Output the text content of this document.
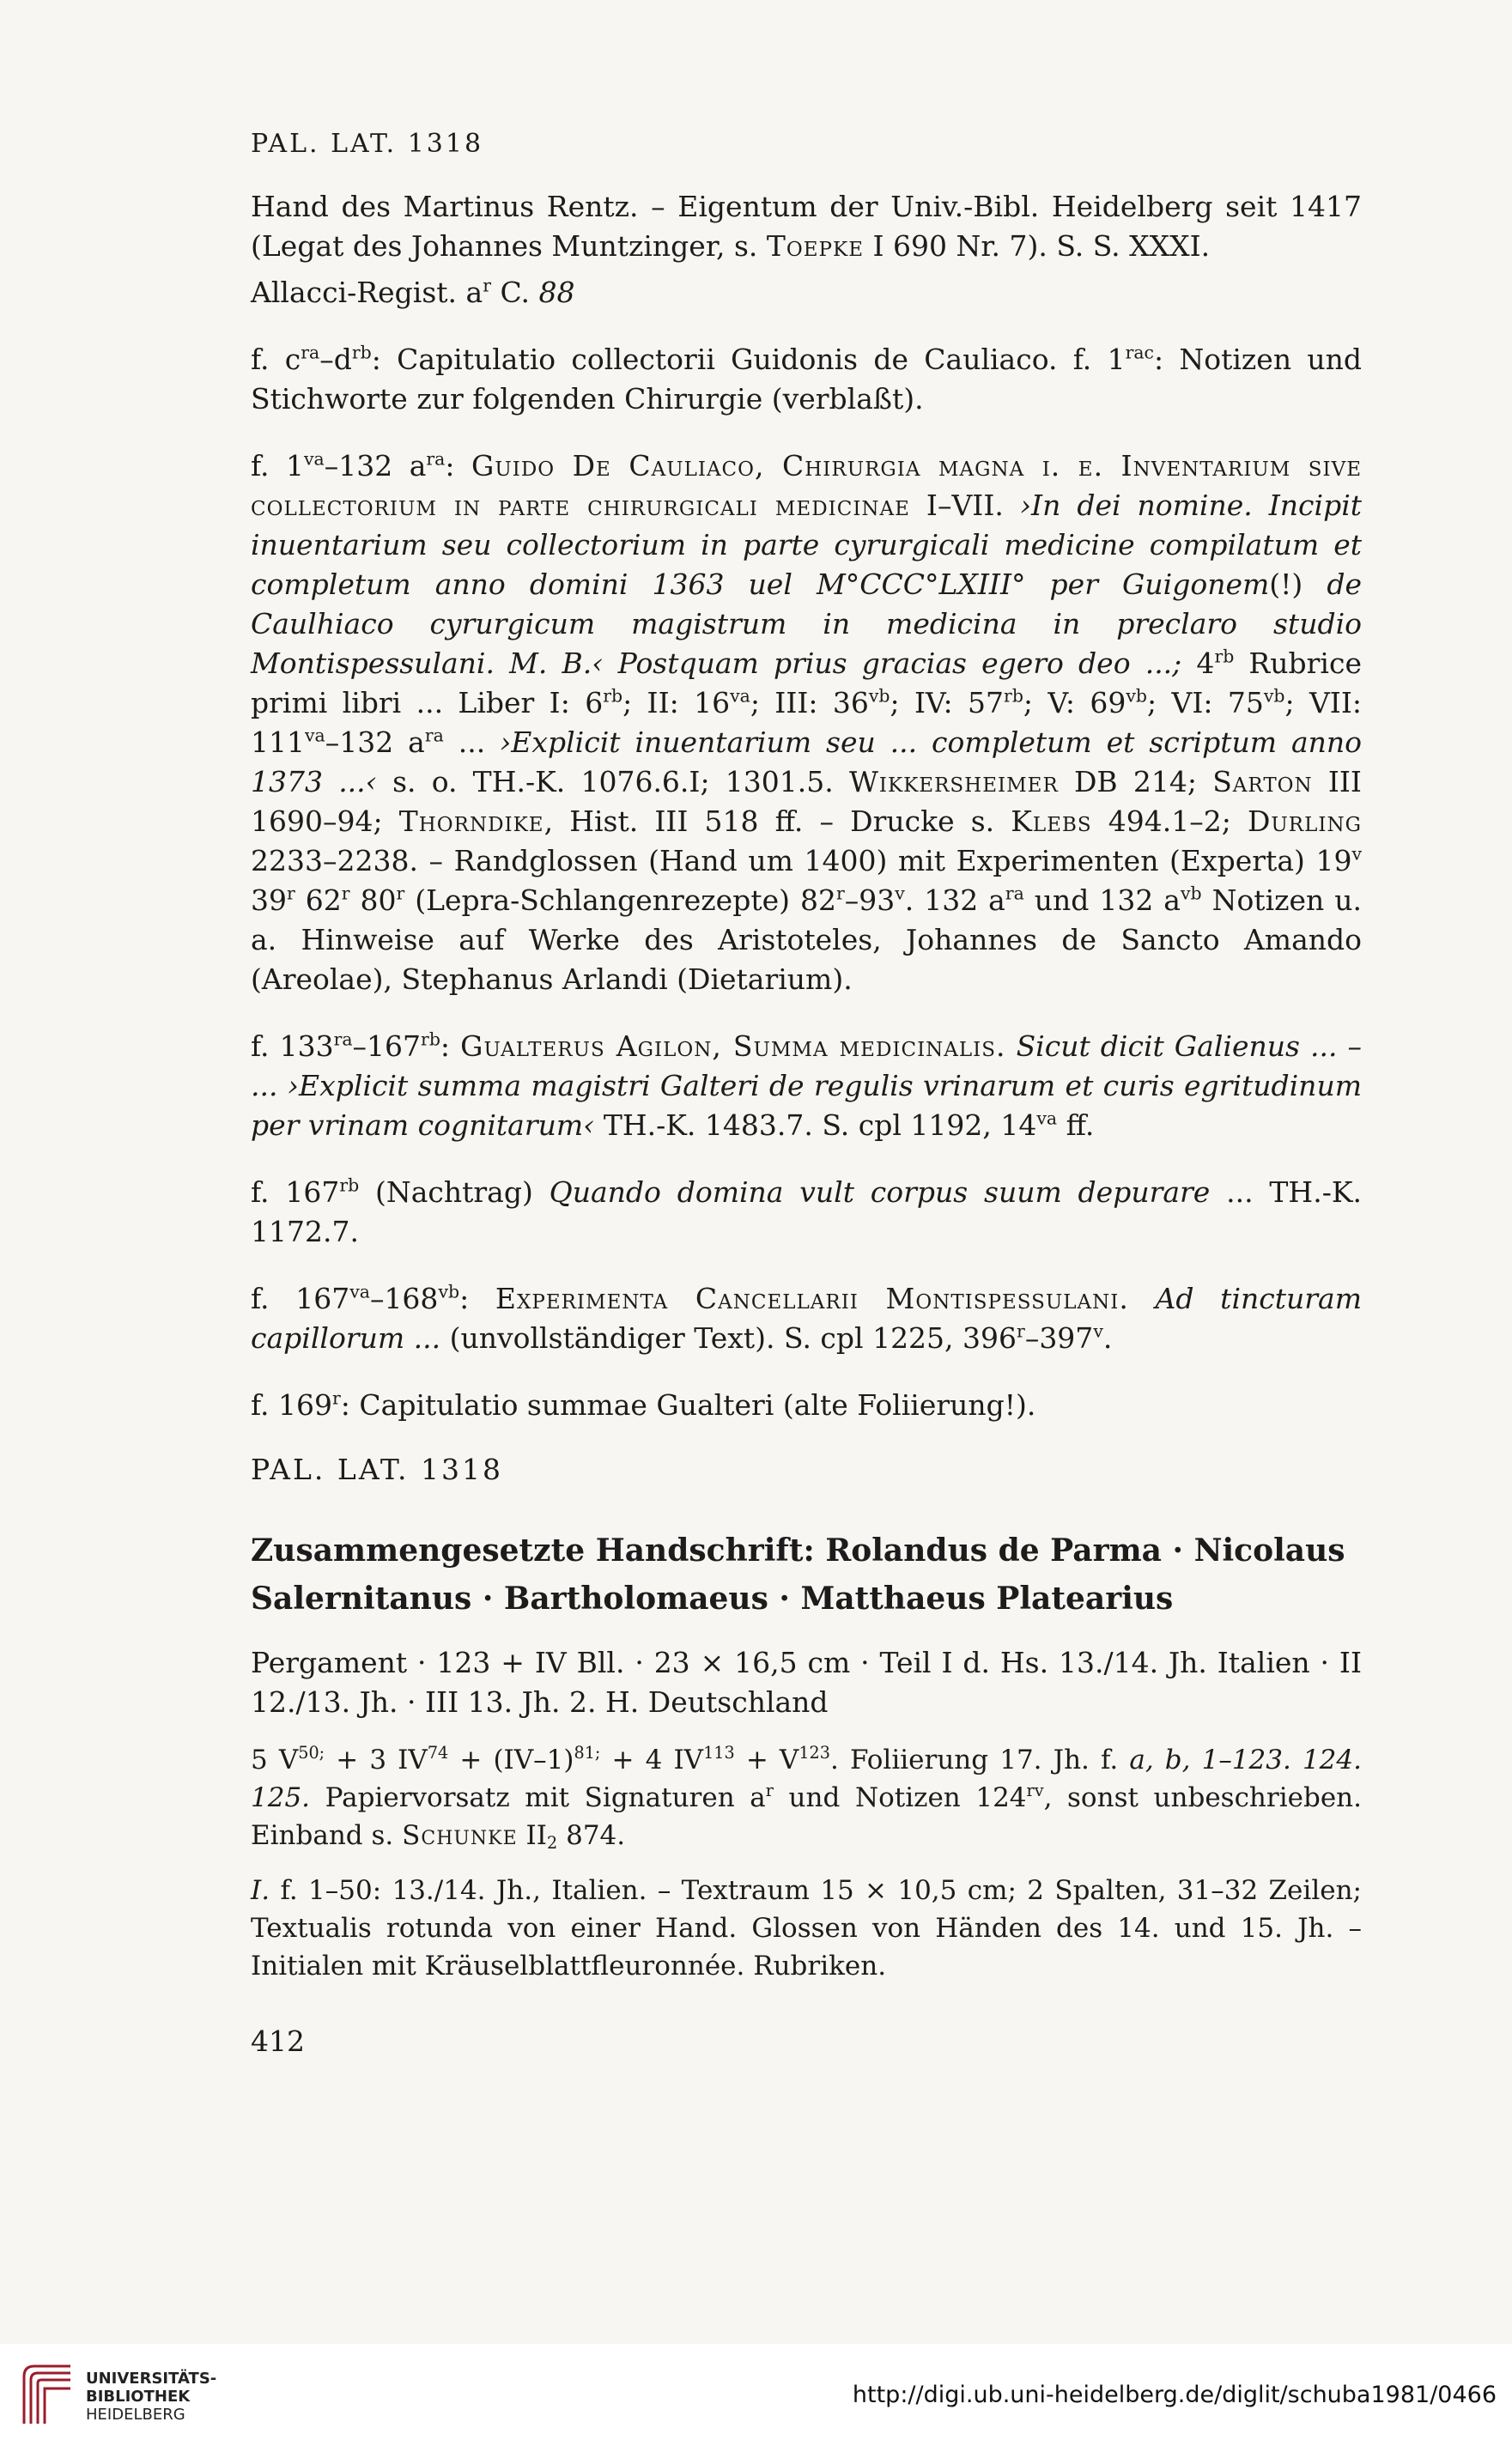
PAL. LAT. 1318

Hand des Martinus Rentz. – Eigentum der Univ.-Bibl. Heidelberg seit 1417 (Legat des Johannes Muntzinger, s. Toepke I 690 Nr. 7). S. S. XXXI.

Allacci-Regist. $a^r$ C. 88

f. $c^{ra}-d^{rb}$: Capitulatio collectorii Guidonis de Cauliaco. f. $1^{rac}$: Notizen und Stichworte zur folgenden Chirurgie (verblaßt).

f. $1^{va}-132$ $a^{ra}$: Guido De Cauliaco, Chirurgia magna i. e. Inventarium sive collectorium in parte chirurgicali medicinae I–VII. ›In dei nomine. Incipit inuentarium seu collectorium in parte cyrurgicali medicine compilatum et completum anno domini 1363 uel M°CCC°LXIII° per Guigonem(!) de Caulhiaco cyrurgicum magistrum in medicina in preclaro studio Montispessulani. M. B.‹ Postquam prius gracias egero deo ...; $4^{rb}$ Rubrice primi libri ... Liber I: $6^{rb}$; II: $16^{va}$; III: $36^{vb}$; IV: $57^{rb}$; V: $69^{vb}$; VI: $75^{vb}$; VII: $111^{va}-132$ $a^{ra}$ ... ›Explicit inuentarium seu ... completum et scriptum anno 1373 ...‹ s. o. TH.-K. 1076.6.I; 1301.5. Wikkersheimer DB 214; Sarton III 1690–94; Thorndike, Hist. III 518 ff. – Drucke s. Klebs 494.1–2; Durling 2233–2238. – Randglossen (Hand um 1400) mit Experimenten (Experta) 19$^v$ 39$^r$ 62$^r$ 80$^r$ (Lepra-Schlangenrezepte) 82$^r$–93$^v$. 132 $a^{ra}$ und 132 $a^{vb}$ Notizen u. a. Hinweise auf Werke des Aristoteles, Johannes de Sancto Amando (Areolae), Stephanus Arlandi (Dietarium).

f. $133^{ra}-167^{rb}$: Gualterus Agilon, Summa medicinalis. Sicut dicit Galienus ... – ... ›Explicit summa magistri Galteri de regulis vrinarum et curis egritudinum per vrinam cognitarum‹ TH.-K. 1483.7. S. cpl 1192, $14^{va}$ ff.

f. $167^{rb}$ (Nachtrag) Quando domina vult corpus suum depurare ... TH.-K. 1172.7.

f. $167^{va}-168^{vb}$: Experimenta Cancellarii Montispessulani. Ad tincturam capillorum ... (unvollständiger Text). S. cpl 1225, 396$^r$–397$^v$.

f. 169$^r$: Capitulatio summae Gualteri (alte Foliierung!).

PAL. LAT. 1318
Zusammengesetzte Handschrift: Rolandus de Parma · Nicolaus Salernitanus · Bartholomaeus · Matthaeus Platearius

Pergament · 123 + IV Bll. · 23 × 16,5 cm · Teil I d. Hs. 13./14. Jh. Italien · II 12./13. Jh. · III 13. Jh. 2. H. Deutschland

5 $V^{50;} + 3$ $IV^{74} + (IV-1)^{81;} + 4$ $IV^{113} + V^{123}$. Foliierung 17. Jh. f. a, b, 1–123. 124. 125. Papiervorsatz mit Signaturen $a^r$ und Notizen $124^{rv}$, sonst unbeschrieben. Einband s. Schunke $II_2$ 874.

I. f. 1–50: 13./14. Jh., Italien. – Textraum 15 × 10,5 cm; 2 Spalten, 31–32 Zeilen; Textualis rotunda von einer Hand. Glossen von Händen des 14. und 15. Jh. – Initialen mit Kräuselblattfleuronnée. Rubriken.

412
UNIVERSITÄTS-
BIBLIOTHEK
HEIDELBERG
http://digi.ub.uni-heidelberg.de/diglit/schuba1981/0466
